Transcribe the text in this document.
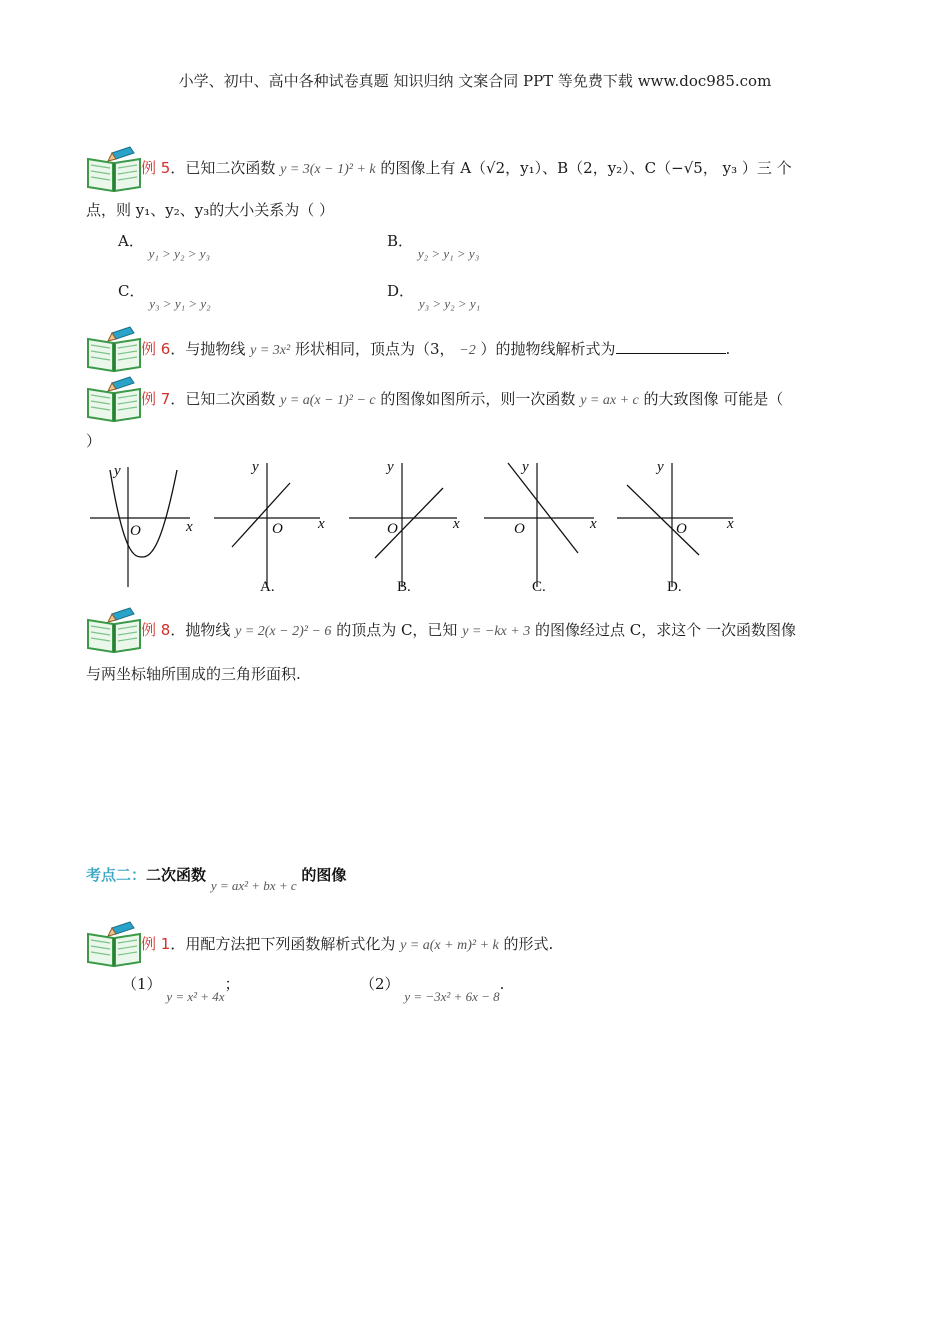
小学、初中、高中各种试卷真题 知识归纳 文案合同 PPT 等免费下载 www.doc985.com
例 5．已知二次函数 y = 3(x − 1)² + k 的图像上有 A（√2，y₁）、B（2，y₂）、C（−√5， y₃ ）三 个
点，则 y₁、y₂、y₃的大小关系为（ ）
A． y₁ > y₂ > y₃
B． y₂ > y₁ > y₃
C． y₃ > y₁ > y₂
D． y₃ > y₂ > y₁
例 6．与抛物线 y = 3x² 形状相同，顶点为（3， −2 ）的抛物线解析式为	.
例 7．已知二次函数 y = a(x − 1)² − c 的图像如图所示，则一次函数 y = ax + c 的大致图像 可能是（
）
y
O	x
y
O x
A.
y
O	x
B.
y
O	x
C.
y
O	x
D.
例 8．抛物线 y = 2(x − 2)² − 6 的顶点为 C，已知 y = −kx + 3 的图像经过点 C，求这个 一次函数图像
与两坐标轴所围成的三角形面积.
考点二：二次函数 y = ax² + bx + c 的图像
例 1．用配方法把下列函数解析式化为 y = a(x + m)² + k 的形式.
（1） y = x² + 4x；	（2） y = −3x² + 6x − 8.
